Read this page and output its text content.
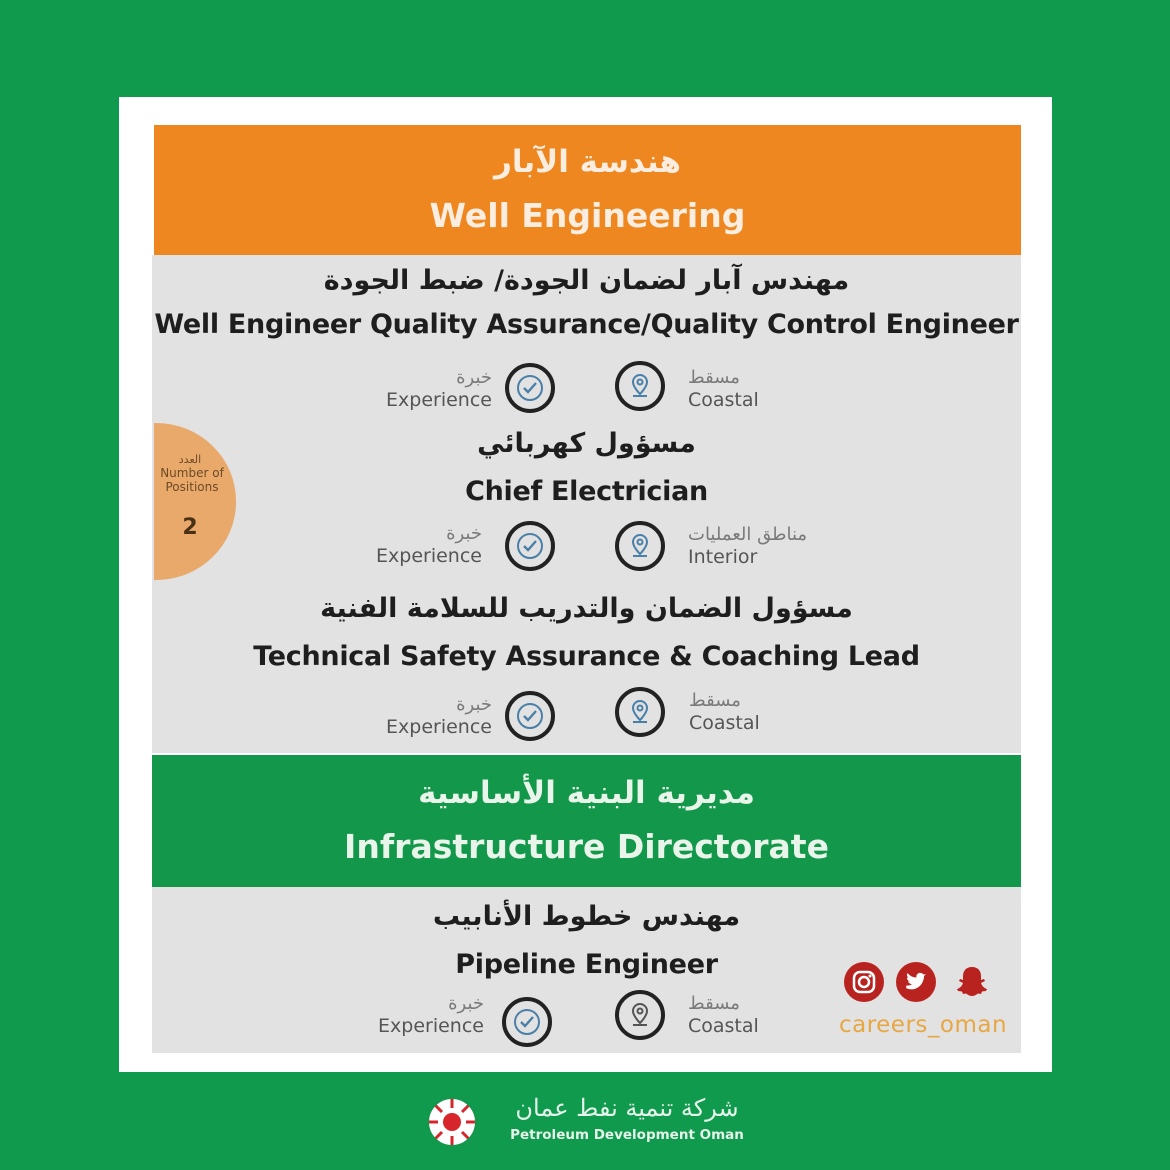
هندسة الآبار
Well Engineering
مهندس آبار لضمان الجودة/ ضبط الجودة
Well Engineer Quality Assurance/Quality Control Engineer
خبرة
Experience
مسقط
Coastal
مسؤول كهربائي
Chief Electrician
خبرة
Experience
مناطق العمليات
Interior
العدد
Number of Positions
2
مسؤول الضمان والتدريب للسلامة الفنية
Technical Safety Assurance & Coaching Lead
خبرة
Experience
مسقط
Coastal
مديرية البنية الأساسية
Infrastructure Directorate
مهندس خطوط الأنابيب
Pipeline Engineer
خبرة
Experience
مسقط
Coastal	careers_oman
شركة تنمية نفط عمان
Petroleum Development Oman
